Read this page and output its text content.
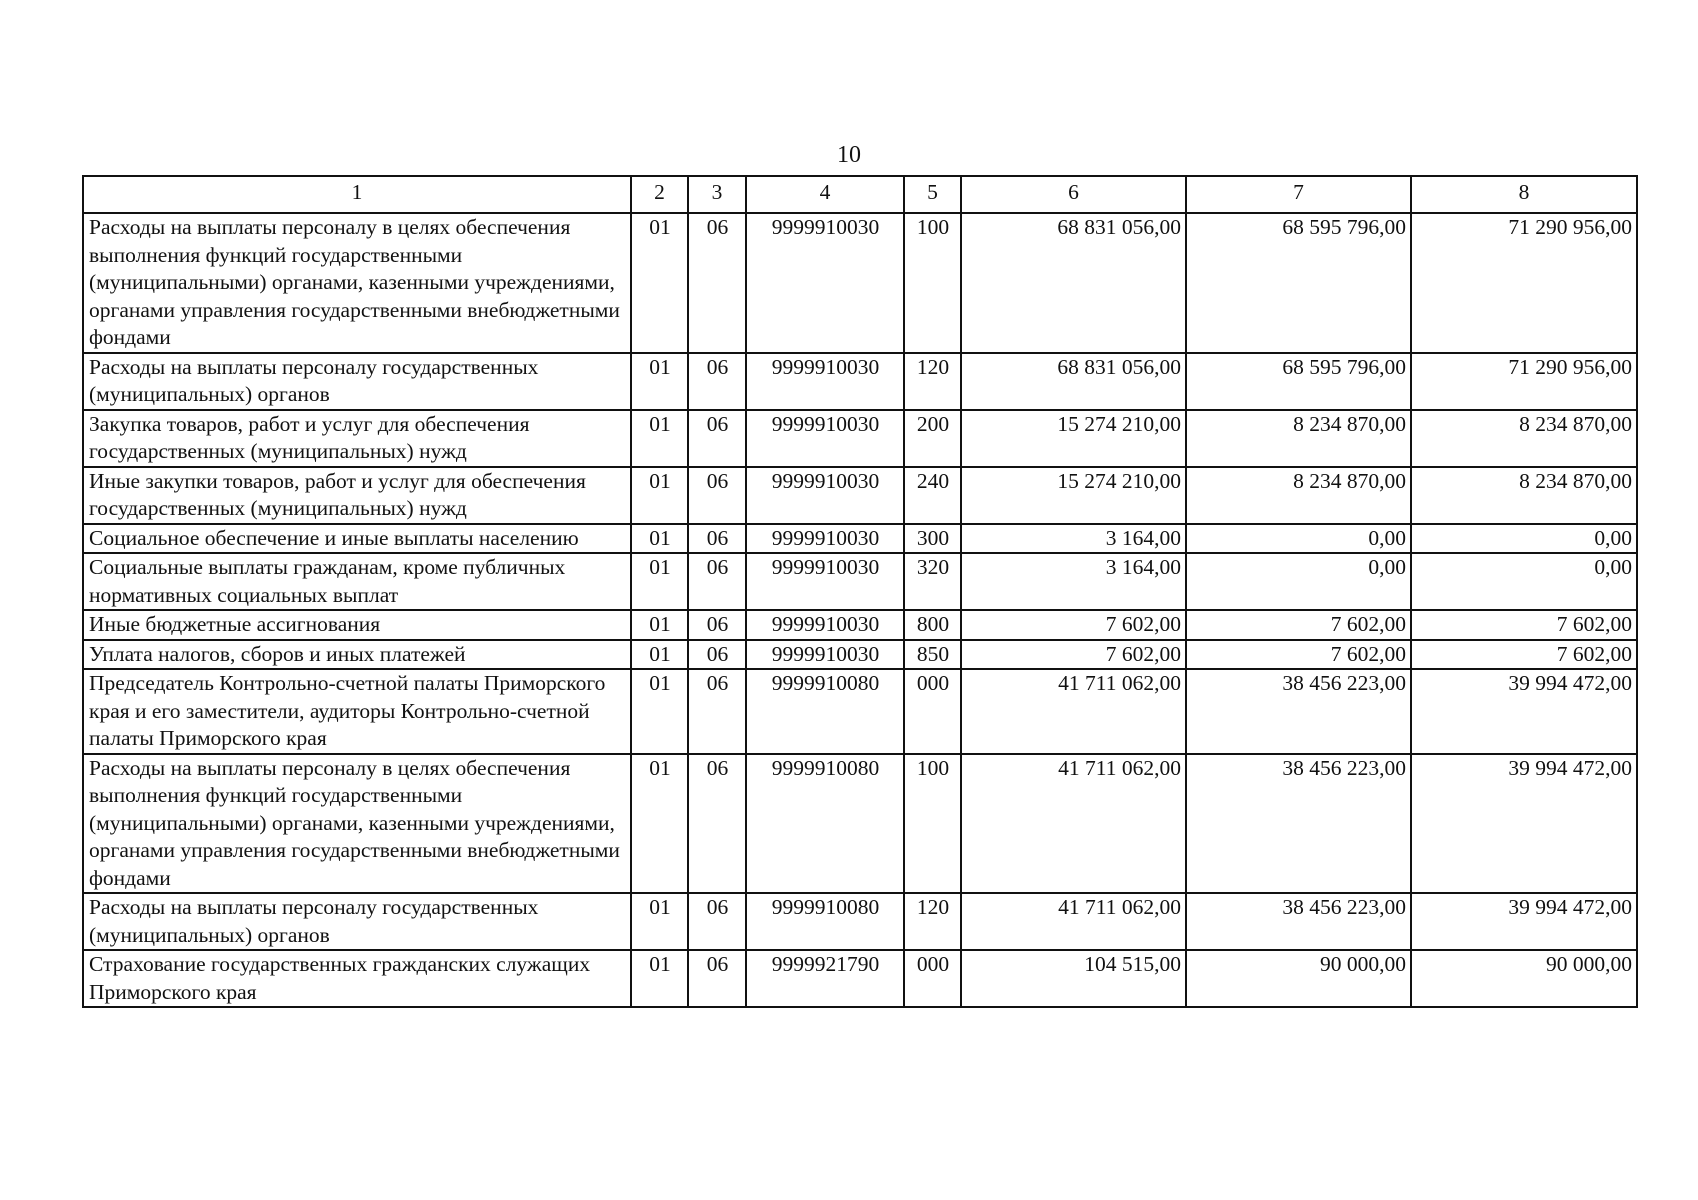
10
1	2	3	4	5	6	7	8
Расходы на выплаты персоналу в целях обеспечения выполнения функций государственными (муниципальными) органами, казенными учреждениями, органами управления государственными внебюджетными фондами	01	06	9999910030	100	68 831 056,00	68 595 796,00	71 290 956,00
Расходы на выплаты персоналу государственных (муниципальных) органов	01	06	9999910030	120	68 831 056,00	68 595 796,00	71 290 956,00
Закупка товаров, работ и услуг для обеспечения государственных (муниципальных) нужд	01	06	9999910030	200	15 274 210,00	8 234 870,00	8 234 870,00
Иные закупки товаров, работ и услуг для обеспечения государственных (муниципальных) нужд	01	06	9999910030	240	15 274 210,00	8 234 870,00	8 234 870,00
Социальное обеспечение и иные выплаты населению	01	06	9999910030	300	3 164,00	0,00	0,00
Социальные выплаты гражданам, кроме публичных нормативных социальных выплат	01	06	9999910030	320	3 164,00	0,00	0,00
Иные бюджетные ассигнования	01	06	9999910030	800	7 602,00	7 602,00	7 602,00
Уплата налогов, сборов и иных платежей	01	06	9999910030	850	7 602,00	7 602,00	7 602,00
Председатель Контрольно-счетной палаты Приморского края и его заместители, аудиторы Контрольно-счетной палаты Приморского края	01	06	9999910080	000	41 711 062,00	38 456 223,00	39 994 472,00
Расходы на выплаты персоналу в целях обеспечения выполнения функций государственными (муниципальными) органами, казенными учреждениями, органами управления государственными внебюджетными фондами	01	06	9999910080	100	41 711 062,00	38 456 223,00	39 994 472,00
Расходы на выплаты персоналу государственных (муниципальных) органов	01	06	9999910080	120	41 711 062,00	38 456 223,00	39 994 472,00
Страхование государственных гражданских служащих Приморского края	01	06	9999921790	000	104 515,00	90 000,00	90 000,00
